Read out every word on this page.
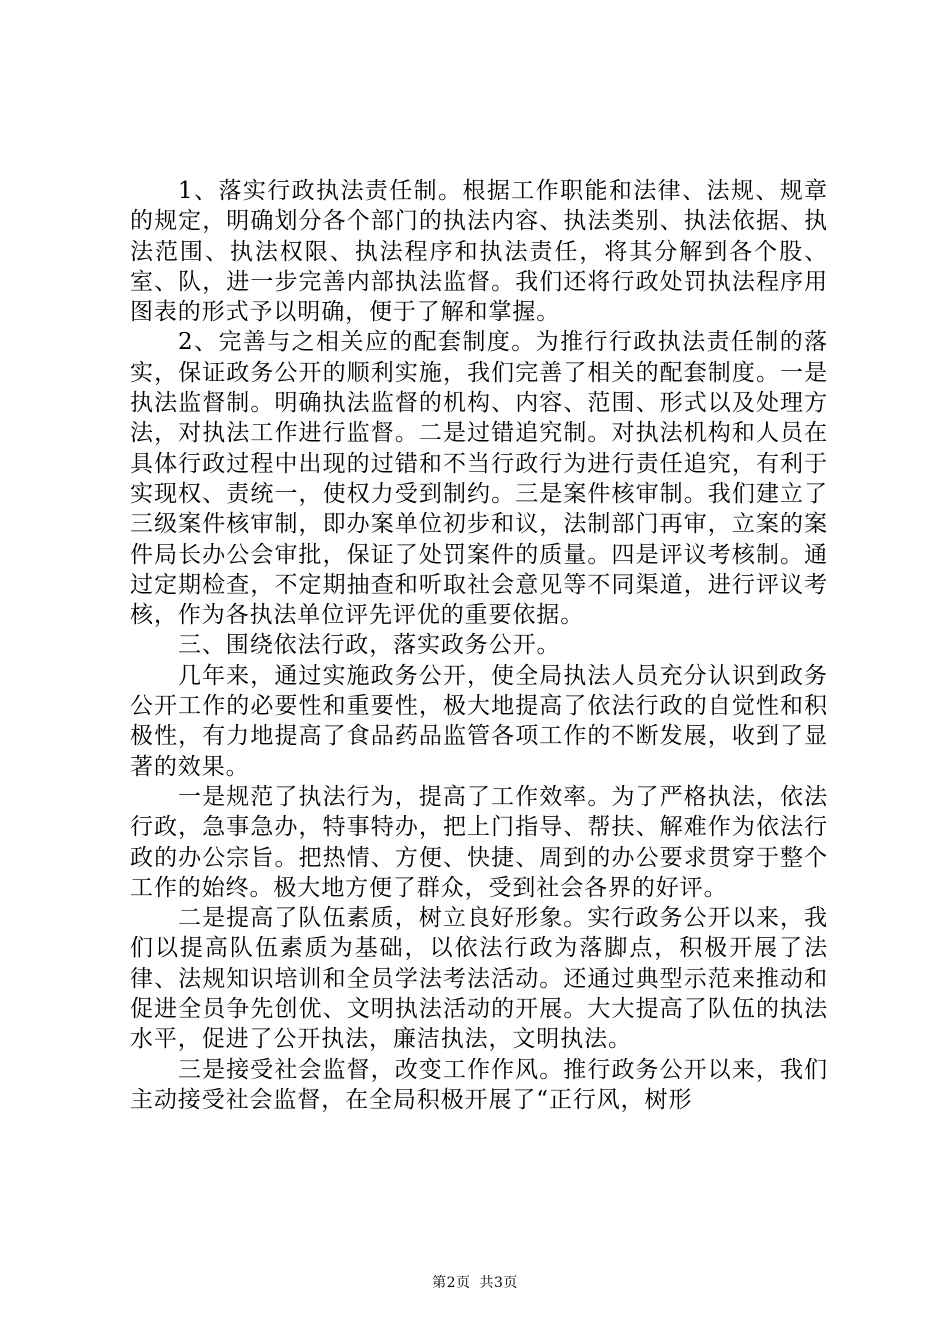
1、落实行政执法责任制。根据工作职能和法律、法规、规章的规定，明确划分各个部门的执法内容、执法类别、执法依据、执法范围、执法权限、执法程序和执法责任，将其分解到各个股、室、队，进一步完善内部执法监督。我们还将行政处罚执法程序用图表的形式予以明确，便于了解和掌握。

2、完善与之相关应的配套制度。为推行行政执法责任制的落实，保证政务公开的顺利实施，我们完善了相关的配套制度。一是执法监督制。明确执法监督的机构、内容、范围、形式以及处理方法，对执法工作进行监督。二是过错追究制。对执法机构和人员在具体行政过程中出现的过错和不当行政行为进行责任追究，有利于实现权、责统一，使权力受到制约。三是案件核审制。我们建立了三级案件核审制，即办案单位初步和议，法制部门再审，立案的案件局长办公会审批，保证了处罚案件的质量。四是评议考核制。通过定期检查，不定期抽查和听取社会意见等不同渠道，进行评议考核，作为各执法单位评先评优的重要依据。

三、围绕依法行政，落实政务公开。

几年来，通过实施政务公开，使全局执法人员充分认识到政务公开工作的必要性和重要性，极大地提高了依法行政的自觉性和积极性，有力地提高了食品药品监管各项工作的不断发展，收到了显著的效果。

一是规范了执法行为，提高了工作效率。为了严格执法，依法行政，急事急办，特事特办，把上门指导、帮扶、解难作为依法行政的办公宗旨。把热情、方便、快捷、周到的办公要求贯穿于整个工作的始终。极大地方便了群众，受到社会各界的好评。

二是提高了队伍素质，树立良好形象。实行政务公开以来，我们以提高队伍素质为基础，以依法行政为落脚点，积极开展了法律、法规知识培训和全员学法考法活动。还通过典型示范来推动和促进全员争先创优、文明执法活动的开展。大大提高了队伍的执法水平，促进了公开执法，廉洁执法，文明执法。

三是接受社会监督，改变工作作风。推行政务公开以来，我们主动接受社会监督，在全局积极开展了“正行风，树形

第2页 共3页
